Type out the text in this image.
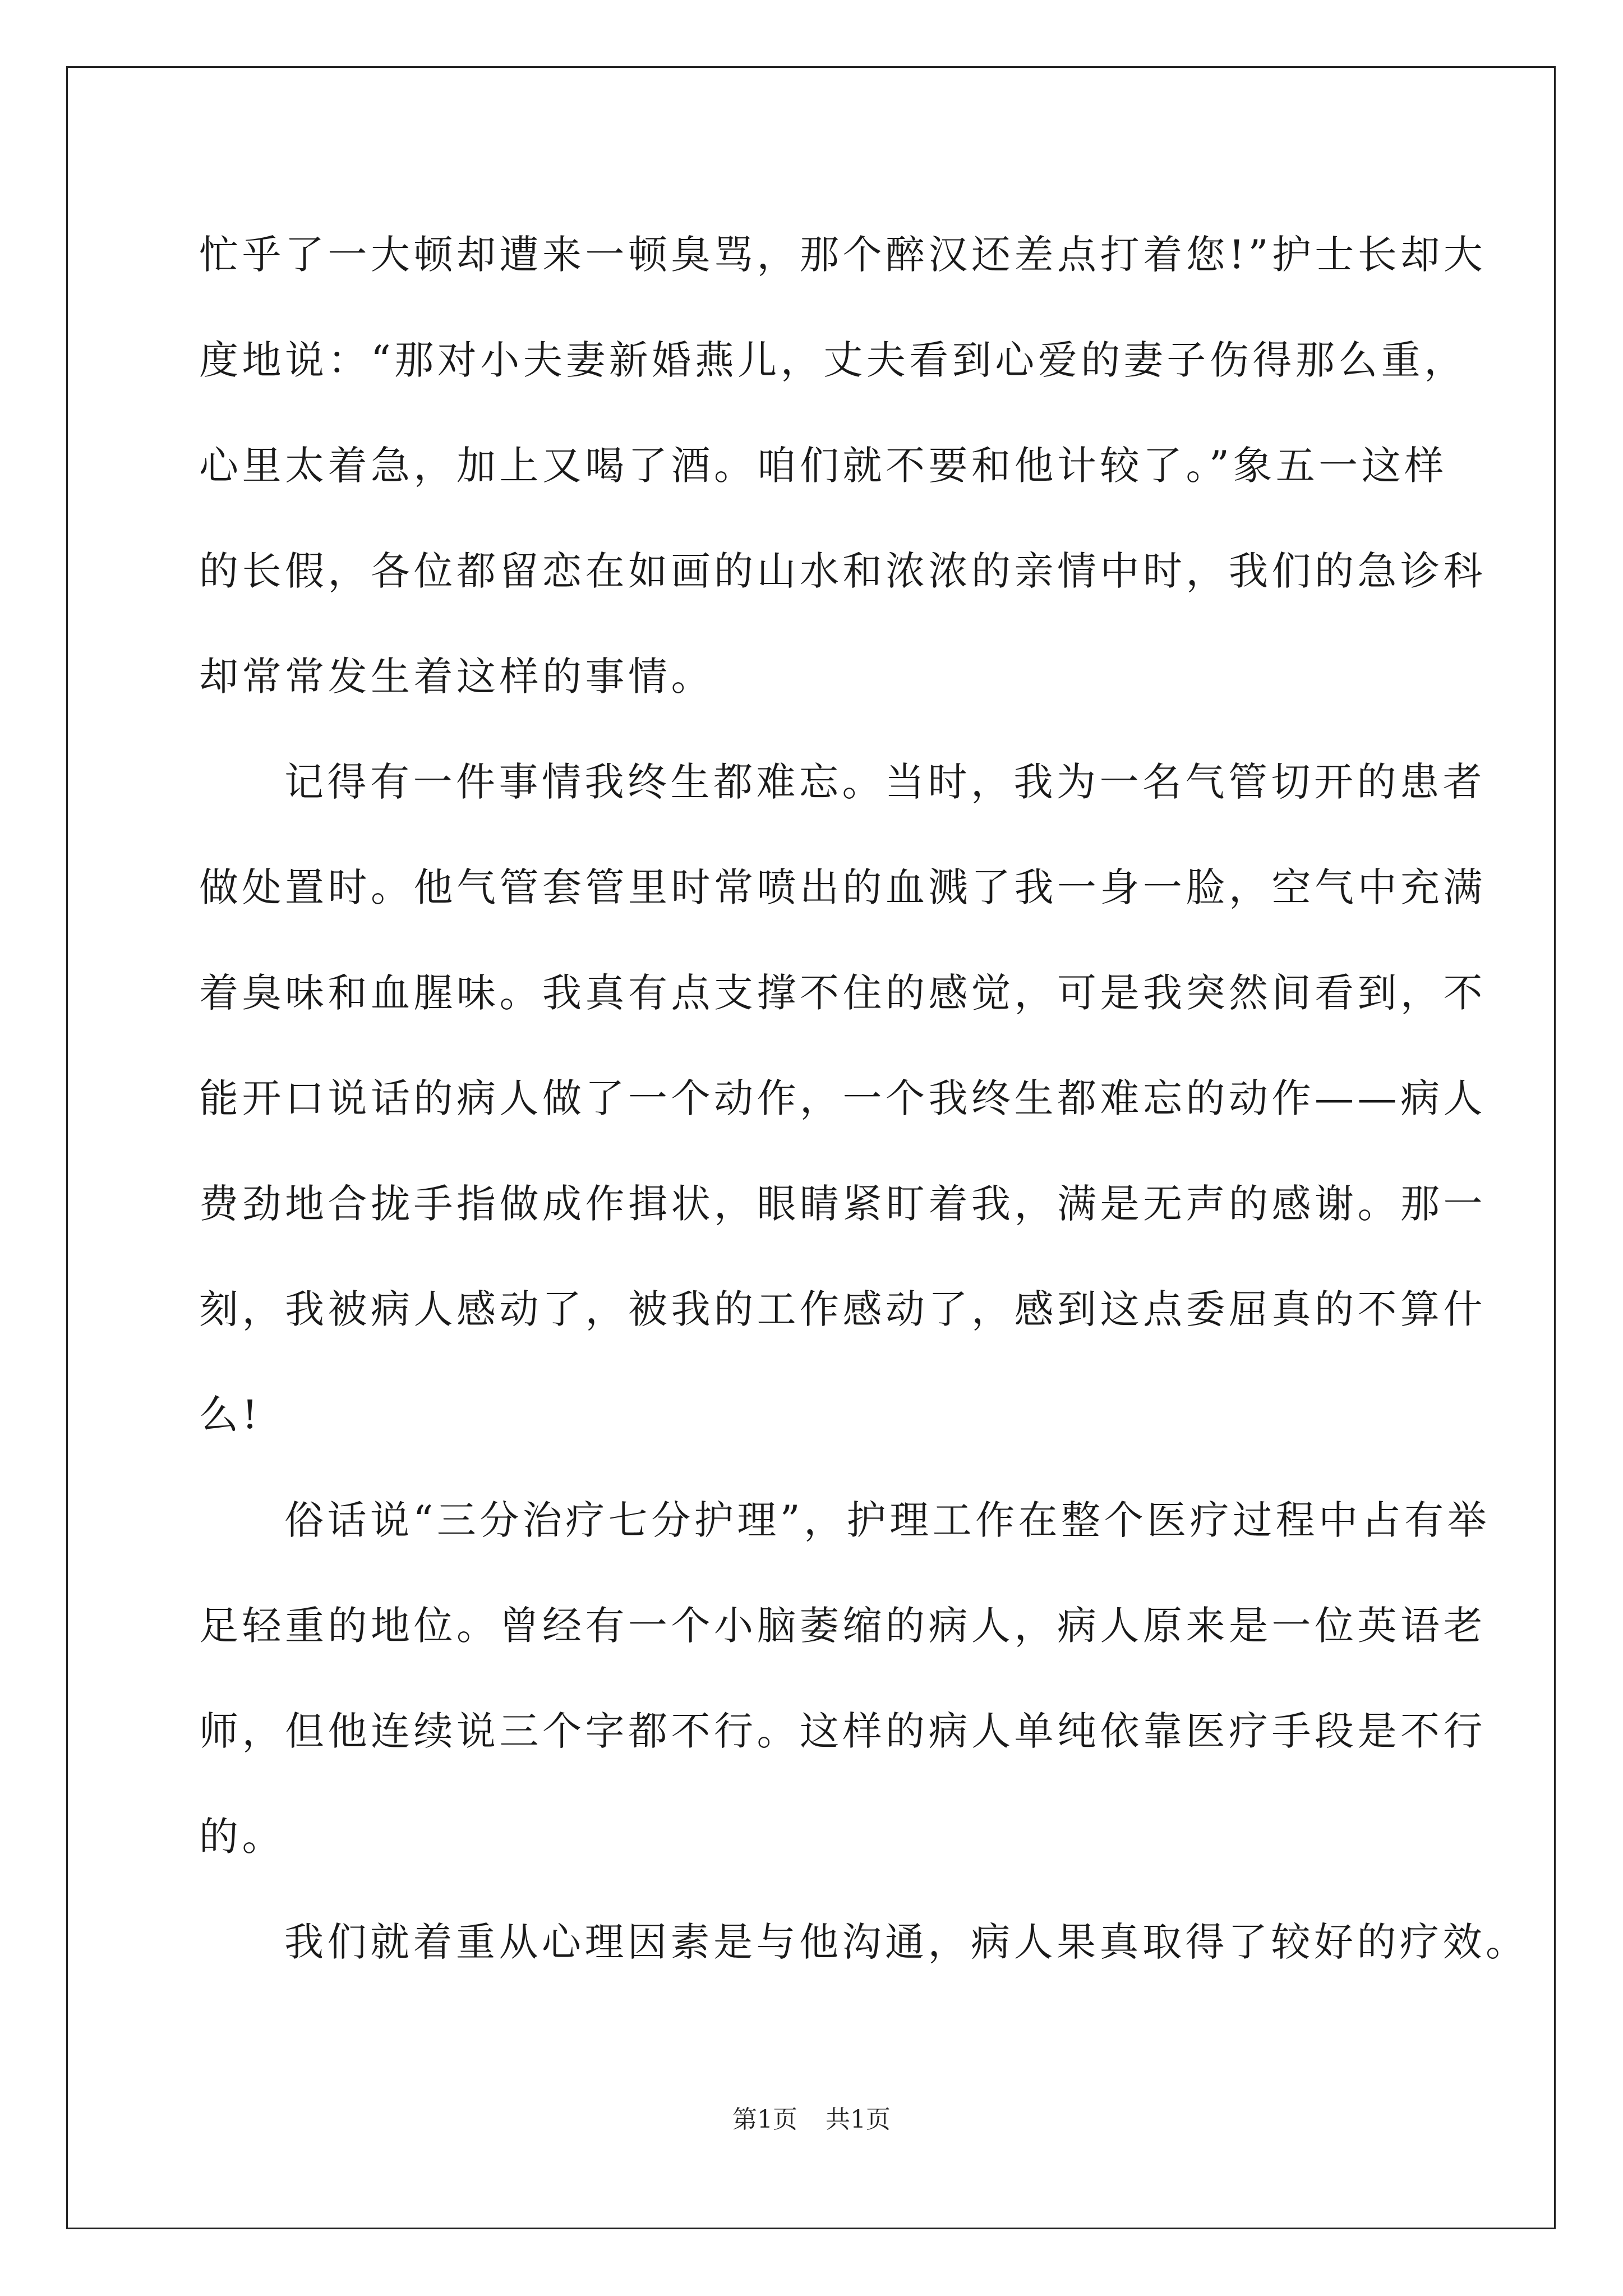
忙乎了一大顿却遭来一顿臭骂，那个醉汉还差点打着您!”护士长却大
度地说：“那对小夫妻新婚燕儿，丈夫看到心爱的妻子伤得那么重，
心里太着急，加上又喝了酒。咱们就不要和他计较了。”象五一这样
的长假，各位都留恋在如画的山水和浓浓的亲情中时，我们的急诊科
却常常发生着这样的事情。
记得有一件事情我终生都难忘。当时，我为一名气管切开的患者
做处置时。他气管套管里时常喷出的血溅了我一身一脸，空气中充满
着臭味和血腥味。我真有点支撑不住的感觉，可是我突然间看到，不
能开口说话的病人做了一个动作，一个我终生都难忘的动作——病人
费劲地合拢手指做成作揖状，眼睛紧盯着我，满是无声的感谢。那一
刻，我被病人感动了，被我的工作感动了，感到这点委屈真的不算什
么!
俗话说“三分治疗七分护理”，护理工作在整个医疗过程中占有举
足轻重的地位。曾经有一个小脑萎缩的病人，病人原来是一位英语老
师，但他连续说三个字都不行。这样的病人单纯依靠医疗手段是不行
的。
我们就着重从心理因素是与他沟通，病人果真取得了较好的疗效。
第1页 共1页
